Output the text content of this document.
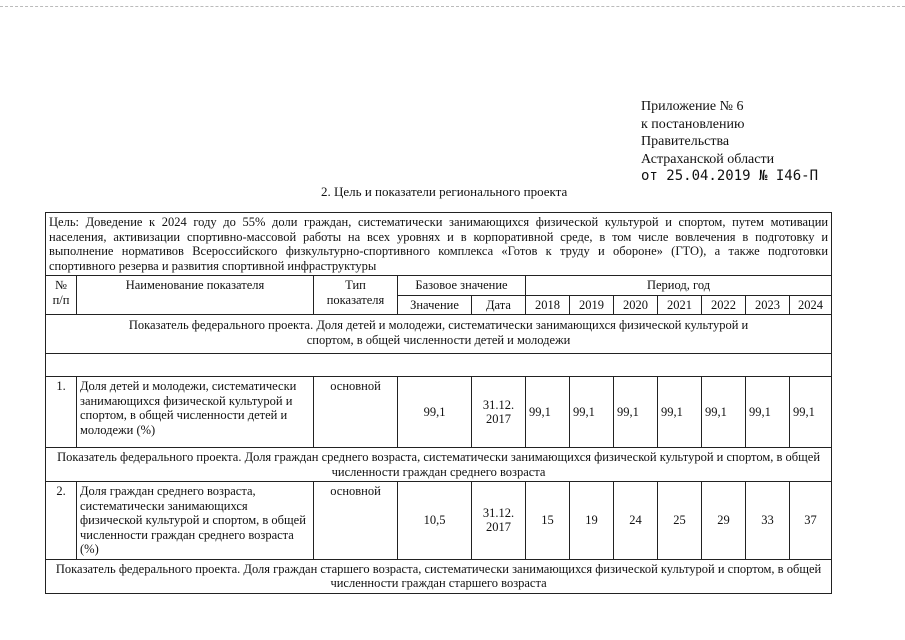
Приложение № 6
к постановлению
Правительства
Астраханской области
от 25.04.2019 № I46-П
2. Цель и показатели регионального проекта
Цель: Доведение к 2024 году до 55% доли граждан, систематически занимающихся физической культурой и спортом, путем мотивации населения, активизации спортивно-массовой работы на всех уровнях и в корпоративной среде, в том числе вовлечения в подготовку и выполнение нормативов Всероссийского физкультурно-спортивного комплекса «Готов к труду и обороне» (ГТО), а также подготовки спортивного резерва и развития спортивной инфраструктуры											
№ п/п	Наименование показателя	Тип показателя	Базовое значение		Период, год						
			Значение	Дата	2018	2019	2020	2021	2022	2023	2024
Показатель федерального проекта. Доля детей и молодежи, систематически занимающихся физической культурой и спортом, в общей численности детей и молодежи											

1.	Доля детей и молодежи, систематически занимающихся физической культурой и спортом, в общей численности детей и молодежи (%)	основной	99,1	31.12. 2017	99,1	99,1	99,1	99,1	99,1	99,1	99,1
Показатель федерального проекта. Доля граждан среднего возраста, систематически занимающихся физической культурой и спортом, в общей численности граждан среднего возраста											
2.	Доля граждан среднего возраста, систематически занимающихся физической культурой и спортом, в общей численности граждан среднего возраста (%)	основной	10,5	31.12. 2017	15	19	24	25	29	33	37
Показатель федерального проекта. Доля граждан старшего возраста, систематически занимающихся физической культурой и спортом, в общей численности граждан старшего возраста											
